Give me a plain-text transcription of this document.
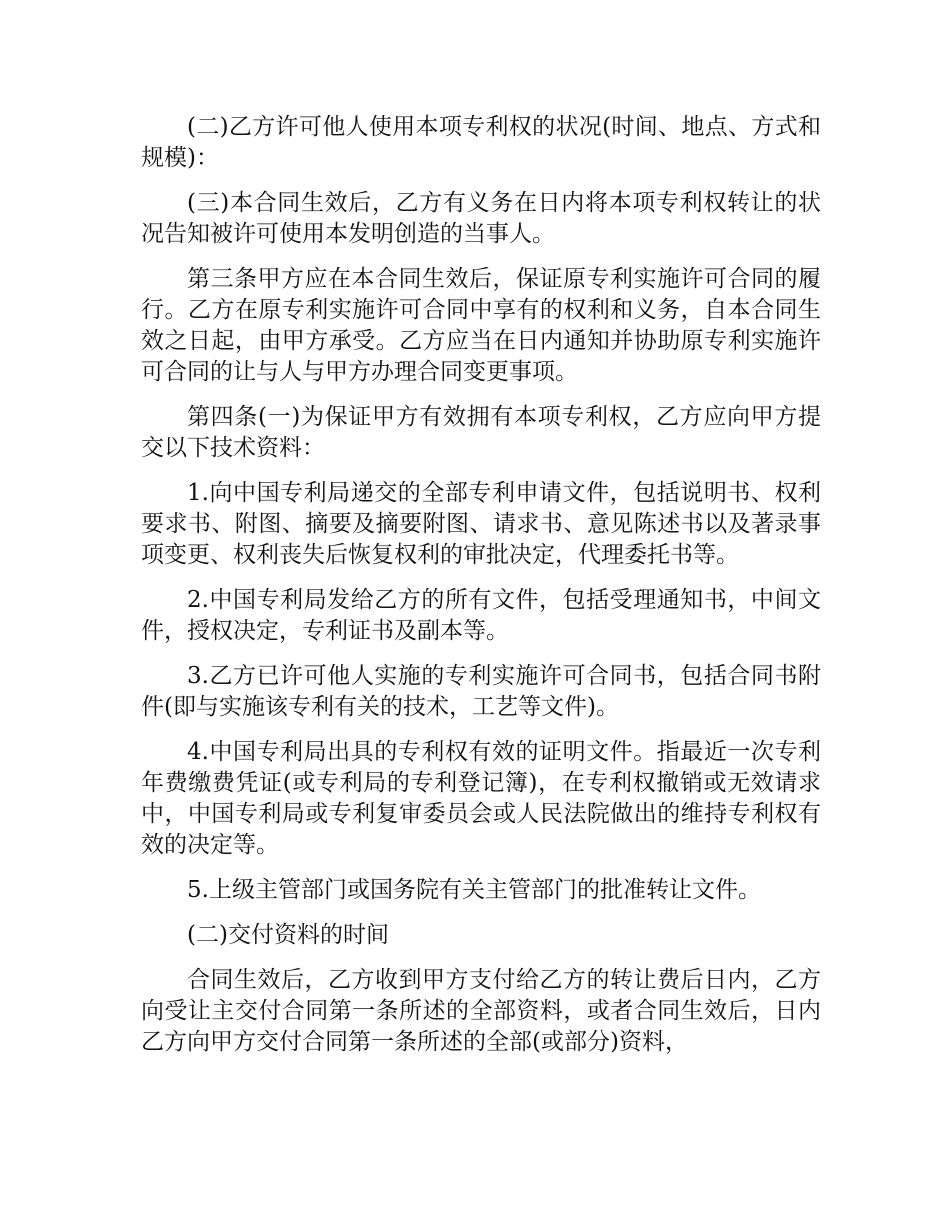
(二)乙方许可他人使用本项专利权的状况(时间、地点、方式和规模)：

(三)本合同生效后，乙方有义务在日内将本项专利权转让的状况告知被许可使用本发明创造的当事人。

第三条甲方应在本合同生效后，保证原专利实施许可合同的履行。乙方在原专利实施许可合同中享有的权利和义务，自本合同生效之日起，由甲方承受。乙方应当在日内通知并协助原专利实施许可合同的让与人与甲方办理合同变更事项。

第四条(一)为保证甲方有效拥有本项专利权，乙方应向甲方提交以下技术资料：

1.向中国专利局递交的全部专利申请文件，包括说明书、权利要求书、附图、摘要及摘要附图、请求书、意见陈述书以及著录事项变更、权利丧失后恢复权利的审批决定，代理委托书等。

2.中国专利局发给乙方的所有文件，包括受理通知书，中间文件，授权决定，专利证书及副本等。

3.乙方已许可他人实施的专利实施许可合同书，包括合同书附件(即与实施该专利有关的技术，工艺等文件)。

4.中国专利局出具的专利权有效的证明文件。指最近一次专利年费缴费凭证(或专利局的专利登记簿)，在专利权撤销或无效请求中，中国专利局或专利复审委员会或人民法院做出的维持专利权有效的决定等。

5.上级主管部门或国务院有关主管部门的批准转让文件。

(二)交付资料的时间

合同生效后，乙方收到甲方支付给乙方的转让费后日内，乙方向受让主交付合同第一条所述的全部资料，或者合同生效后，日内乙方向甲方交付合同第一条所述的全部(或部分)资料，
